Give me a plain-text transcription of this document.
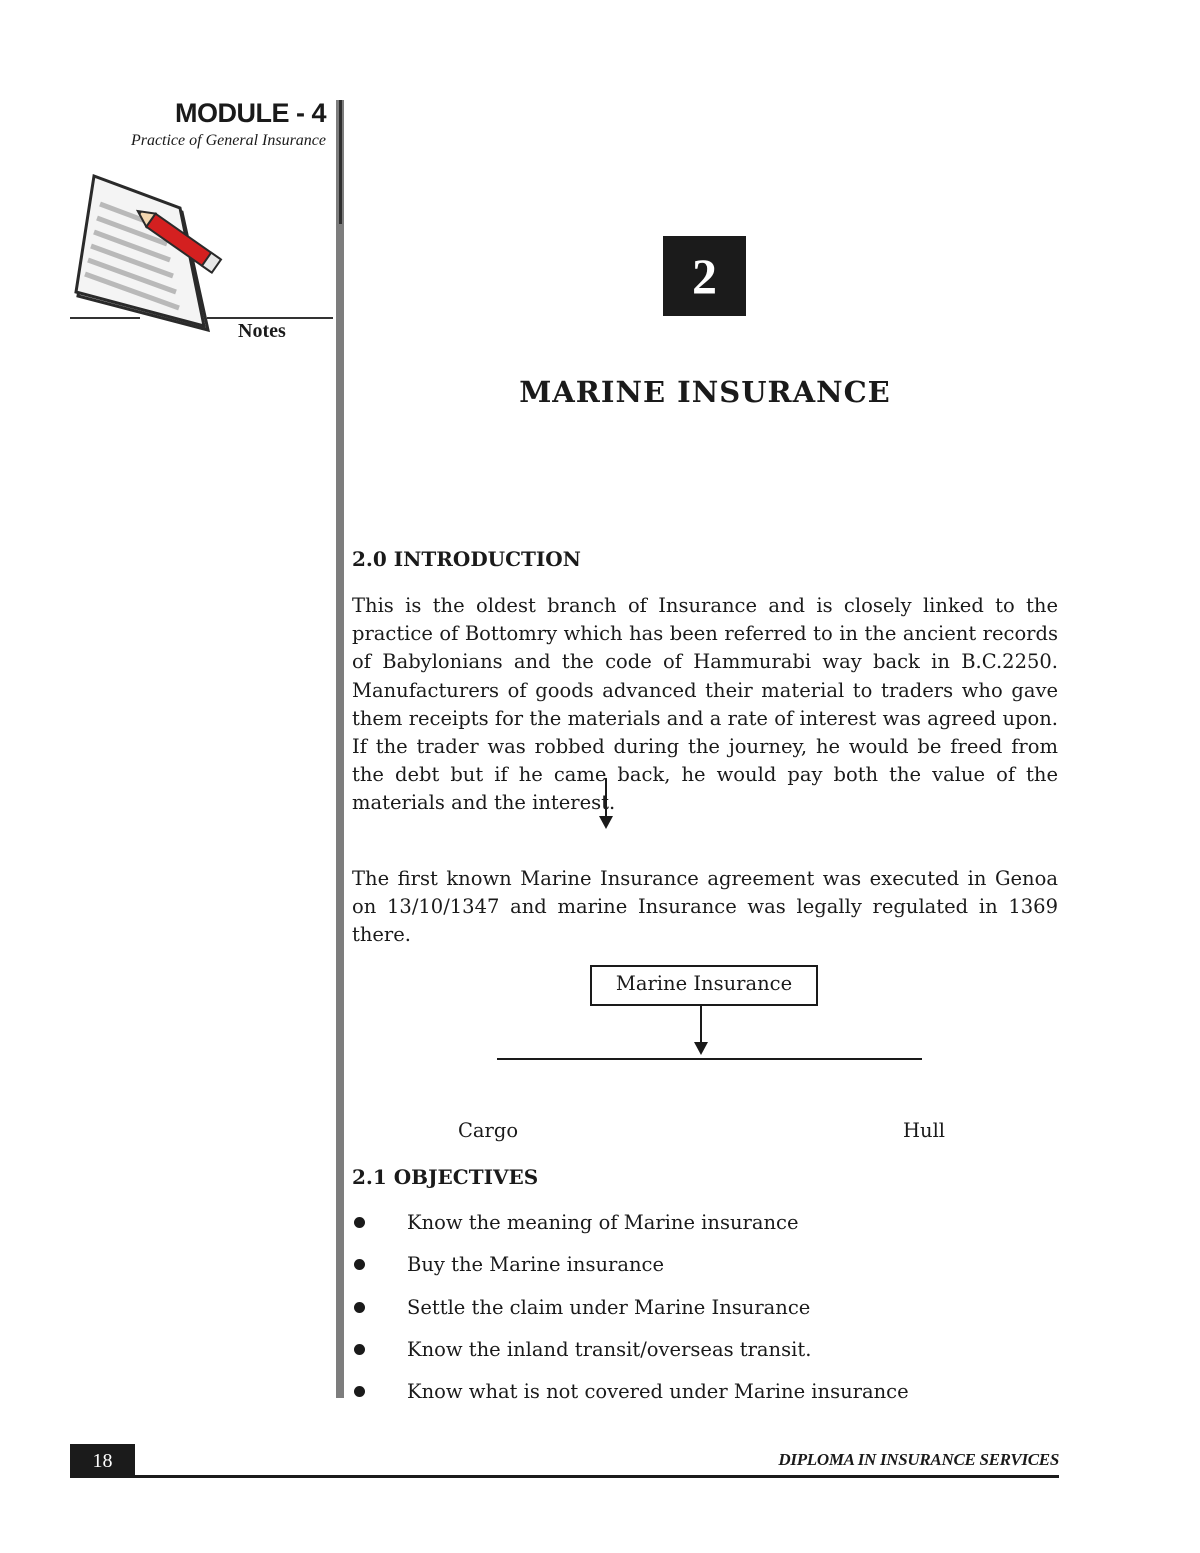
MODULE - 4
Practice of General Insurance
Notes
2
MARINE INSURANCE
2.0 INTRODUCTION
This is the oldest branch of Insurance and is closely linked to the practice of Bottomry which has been referred to in the ancient records of Babylonians and the code of Hammurabi way back in B.C.2250. Manufacturers of goods advanced their material to traders who gave them receipts for the materials and a rate of interest was agreed upon. If the trader was robbed during the journey, he would be freed from the debt but if he came back, he would pay both the value of the materials and the interest.
The first known Marine Insurance agreement was executed in Genoa on 13/10/1347 and marine Insurance was legally regulated in 1369 there.
Marine Insurance
Cargo	Hull
2.1 OBJECTIVES
Know the meaning of Marine insurance
Buy the Marine insurance
Settle the claim under Marine Insurance
Know the inland transit/overseas transit.
Know what is not covered under Marine insurance
18	DIPLOMA IN INSURANCE SERVICES
